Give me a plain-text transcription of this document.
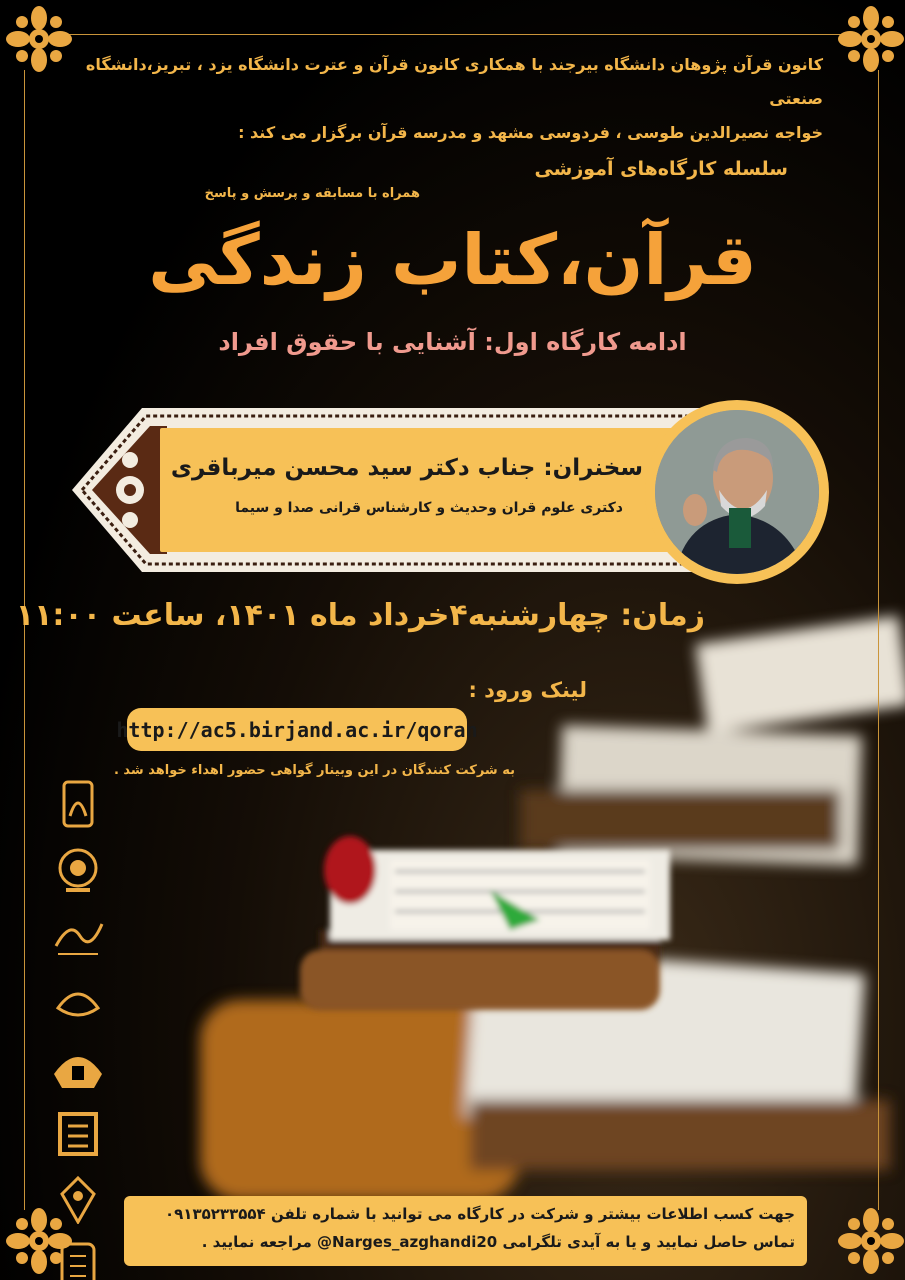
کانون قرآن پژوهان دانشگاه بیرجند با همکاری کانون قرآن و عترت دانشگاه یزد ، تبریز،دانشگاه صنعتی
خواجه نصیرالدین طوسی ، فردوسی مشهد و مدرسه قرآن برگزار می کند :
سلسله کارگاه‌های آموزشی
همراه با مسابقه و پرسش و پاسخ
قرآن،کتاب زندگی
ادامه کارگاه اول: آشنایی با حقوق افراد
سخنران: جناب دکتر سید محسن میرباقری
دکتری علوم قران وحدیث و کارشناس قرانی صدا و سیما
زمان: چهارشنبه۴خرداد ماه ۱۴۰۱، ساعت ۱۱:۰۰
لینک ورود :
http://ac5.birjand.ac.ir/qoran
به شرکت کنندگان در این وبینار گواهی حضور اهداء خواهد شد .

جهت کسب اطلاعات بیشتر و شرکت در کارگاه می توانید با شماره تلفن ۰۹۱۳۵۲۳۳۵۵۴
تماس حاصل نمایید و یا به آیدی تلگرامی Narges_azghandi20@ مراجعه نمایید .
